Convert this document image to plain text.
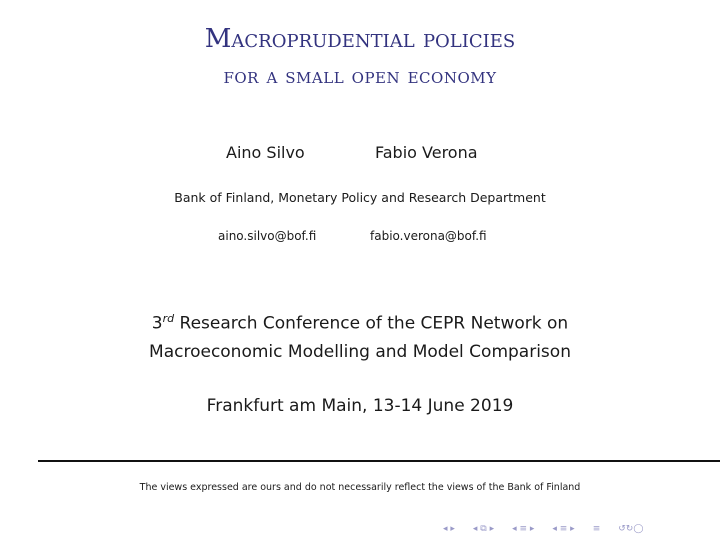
Macroprudential policies
for a small open economy
Aino Silvo	Fabio Verona
Bank of Finland, Monetary Policy and Research Department
aino.silvo@bof.fi	fabio.verona@bof.fi
3rd Research Conference of the CEPR Network on
Macroeconomic Modelling and Model Comparison
Frankfurt am Main, 13-14 June 2019
The views expressed are ours and do not necessarily reflect the views of the Bank of Finland
◂ ▸ ◂ ⧉ ▸ ◂ ≡ ▸ ◂ ≡ ▸ ≡ ↺↻◯
